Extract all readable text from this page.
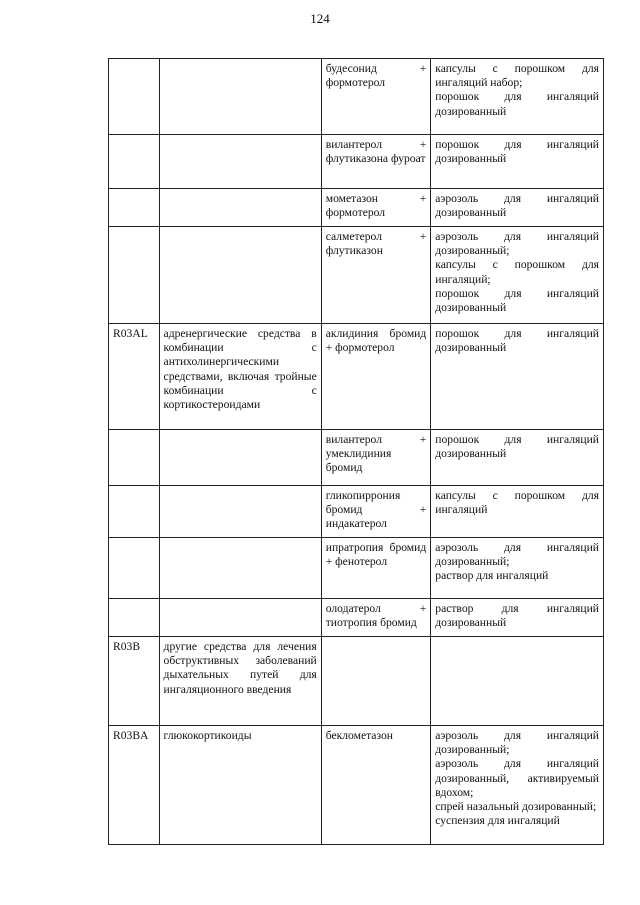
124
		будесонид + формотерол	капсулы с порошком для ингаляций набор;
порошок для ингаляций дозированный

		вилантерол + флутиказона фуроат	порошок для ингаляций дозированный

		мометазон + формотерол	аэрозоль для ингаляций дозированный

		салметерол + флутиказон	аэрозоль для ингаляций дозированный;
капсулы с порошком для ингаляций;
порошок для ингаляций дозированный

R03AL	адренергические средства в комбинации с антихолинергическими средствами, включая тройные комбинации с кортикостероидами	аклидиния бромид + формотерол	порошок для ингаляций дозированный

		вилантерол + умеклидиния бромид	порошок для ингаляций дозированный

		гликопиррония бромид + индакатерол	капсулы с порошком для ингаляций

		ипратропия бромид + фенотерол	аэрозоль для ингаляций дозированный;
раствор для ингаляций

		олодатерол + тиотропия бромид	раствор для ингаляций дозированный

R03B	другие средства для лечения обструктивных заболеваний дыхательных путей для ингаляционного введения		
R03BA	глюкокортикоиды	беклометазон	аэрозоль для ингаляций дозированный;
аэрозоль для ингаляций дозированный, активируемый вдохом;
спрей назальный дозированный;
суспензия для ингаляций
